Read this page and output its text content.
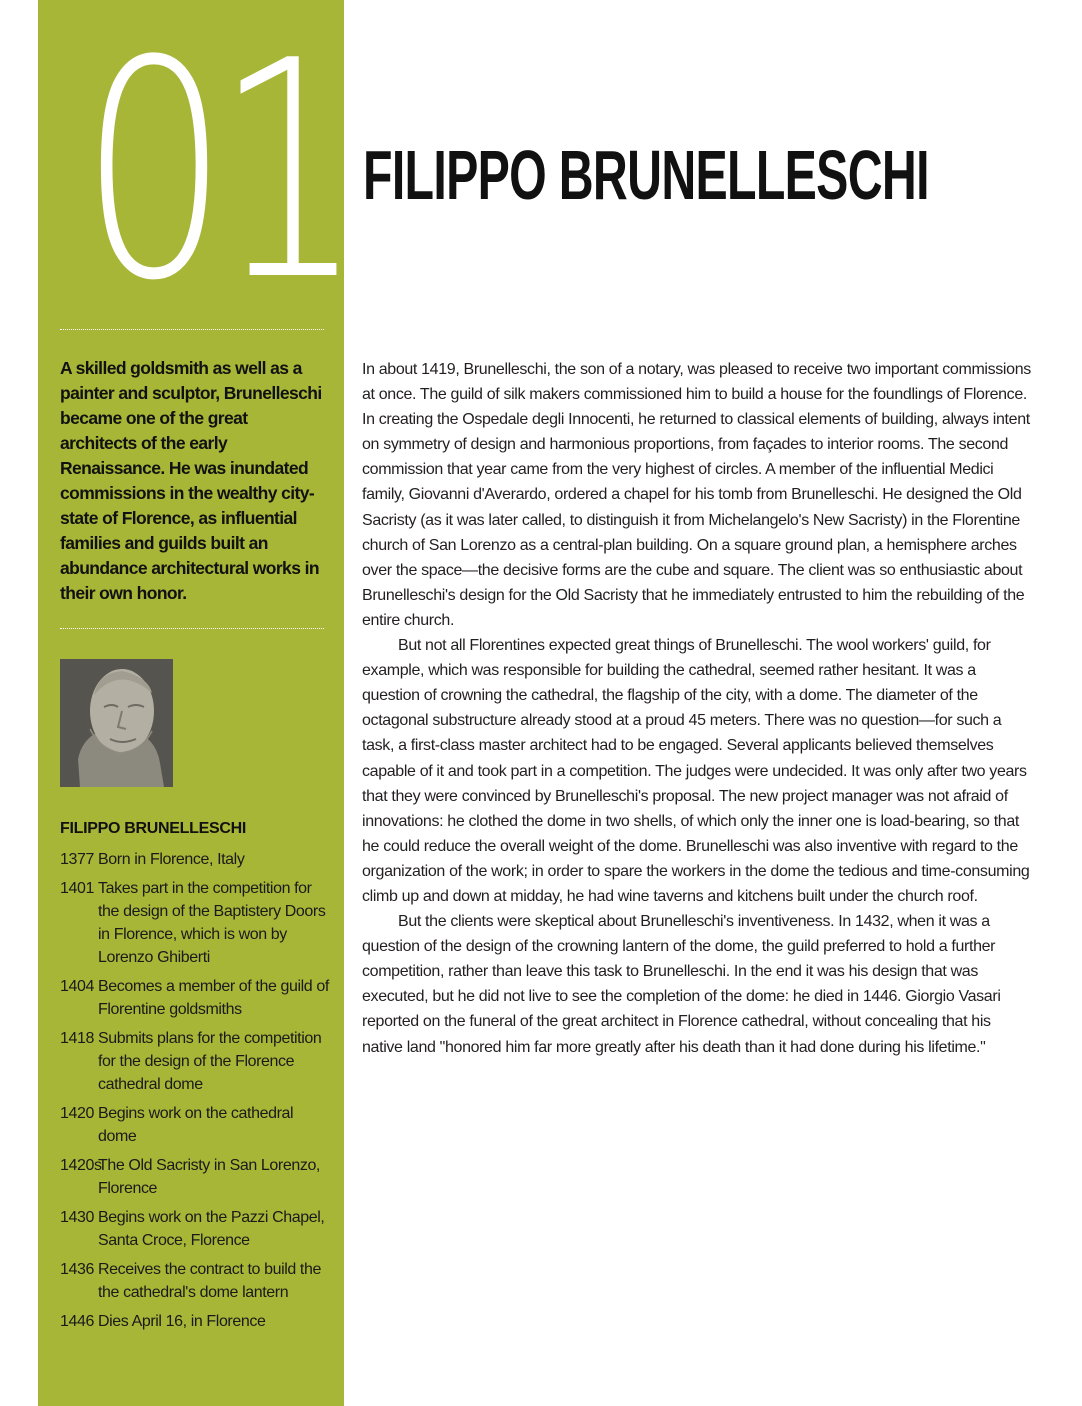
01
A skilled goldsmith as well as a painter and sculptor, Brunelleschi became one of the great architects of the early Renaissance. He was inundated commissions in the wealthy city-state of Florence, as influential families and guilds built an abundance architectural works in their own honor.
FILIPPO BRUNELLESCHI
1377 Born in Florence, Italy
1401 Takes part in the competition for the design of the Baptistery Doors in Florence, which is won by Lorenzo Ghiberti
1404 Becomes a member of the guild of Florentine goldsmiths
1418 Submits plans for the competition for the design of the Florence cathedral dome
1420 Begins work on the cathedral dome
1420s
The Old Sacristy in San Lorenzo, Florence
1430 Begins work on the Pazzi Chapel, Santa Croce, Florence
1436 Receives the contract to build the the cathedral's dome lantern
1446 Dies April 16, in Florence
FILIPPO BRUNELLESCHI

In about 1419, Brunelleschi, the son of a notary, was pleased to receive two important commissions at once. The guild of silk makers commissioned him to build a house for the foundlings of Florence. In creating the Ospedale degli Innocenti, he returned to classical elements of building, always intent on symmetry of design and harmonious proportions, from façades to interior rooms. The second commission that year came from the very highest of circles. A member of the influential Medici family, Giovanni d'Averardo, ordered a chapel for his tomb from Brunelleschi. He designed the Old Sacristy (as it was later called, to distinguish it from Michelangelo's New Sacristy) in the Florentine church of San Lorenzo as a central-plan building. On a square ground plan, a hemisphere arches over the space—the decisive forms are the cube and square. The client was so enthusiastic about Brunelleschi's design for the Old Sacristy that he immediately entrusted to him the rebuilding of the entire church.

But not all Florentines expected great things of Brunelleschi. The wool workers' guild, for example, which was responsible for building the cathedral, seemed rather hesitant. It was a question of crowning the cathedral, the flagship of the city, with a dome. The diameter of the octagonal substructure already stood at a proud 45 meters. There was no question—for such a task, a first-class master architect had to be engaged. Several applicants believed themselves capable of it and took part in a competition. The judges were undecided. It was only after two years that they were convinced by Brunelleschi's proposal. The new project manager was not afraid of innovations: he clothed the dome in two shells, of which only the inner one is load-bearing, so that he could reduce the overall weight of the dome. Brunelleschi was also inventive with regard to the organization of the work; in order to spare the workers in the dome the tedious and time-consuming climb up and down at midday, he had wine taverns and kitchens built under the church roof.

But the clients were skeptical about Brunelleschi's inventiveness. In 1432, when it was a question of the design of the crowning lantern of the dome, the guild preferred to hold a further competition, rather than leave this task to Brunelleschi. In the end it was his design that was executed, but he did not live to see the completion of the dome: he died in 1446. Giorgio Vasari reported on the funeral of the great architect in Florence cathedral, without concealing that his native land "honored him far more greatly after his death than it had done during his lifetime."
